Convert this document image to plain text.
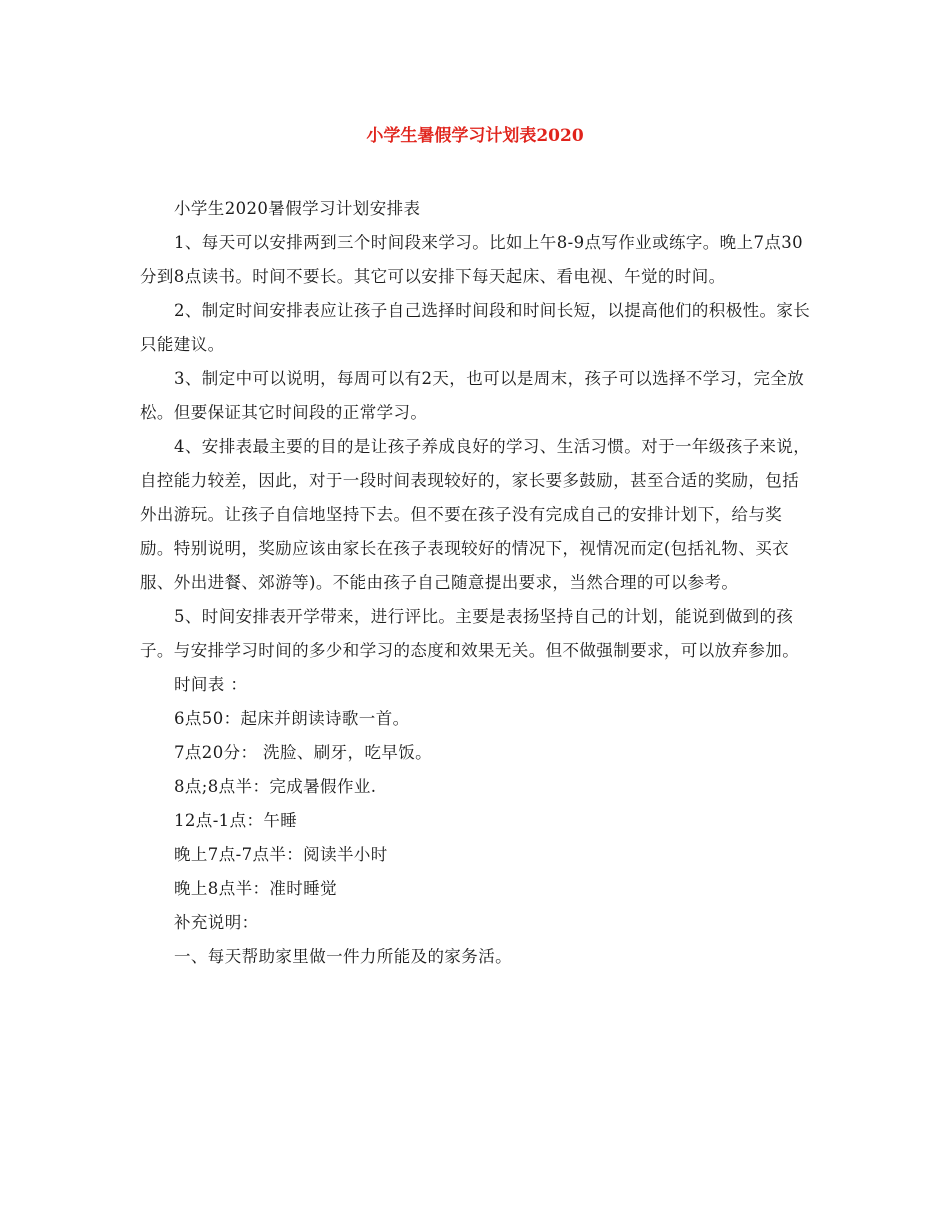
小学生暑假学习计划表2020

小学生2020暑假学习计划安排表

1、每天可以安排两到三个时间段来学习。比如上午8-9点写作业或练字。晚上7点30分到8点读书。时间不要长。其它可以安排下每天起床、看电视、午觉的时间。

2、制定时间安排表应让孩子自己选择时间段和时间长短，以提高他们的积极性。家长只能建议。

3、制定中可以说明，每周可以有2天，也可以是周末，孩子可以选择不学习，完全放松。但要保证其它时间段的正常学习。

4、安排表最主要的目的是让孩子养成良好的学习、生活习惯。对于一年级孩子来说，自控能力较差，因此，对于一段时间表现较好的，家长要多鼓励，甚至合适的奖励，包括外出游玩。让孩子自信地坚持下去。但不要在孩子没有完成自己的安排计划下，给与奖励。特别说明，奖励应该由家长在孩子表现较好的情况下，视情况而定(包括礼物、买衣服、外出进餐、郊游等)。不能由孩子自己随意提出要求，当然合理的可以参考。

5、时间安排表开学带来，进行评比。主要是表扬坚持自己的计划，能说到做到的孩子。与安排学习时间的多少和学习的态度和效果无关。但不做强制要求，可以放弃参加。

时间表 ：

6点50：起床并朗读诗歌一首。

7点20分： 洗脸、刷牙，吃早饭。

8点;8点半：完成暑假作业.

12点-1点：午睡

晚上7点-7点半：阅读半小时

晚上8点半：准时睡觉

补充说明：

一、每天帮助家里做一件力所能及的家务活。
